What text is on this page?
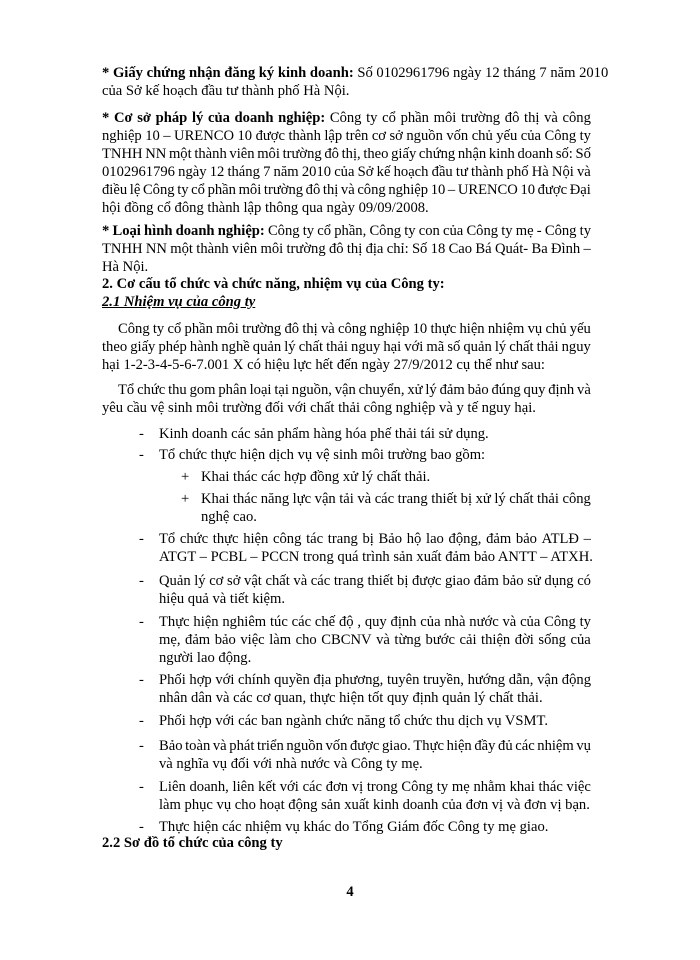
* Giấy chứng nhận đăng ký kinh doanh: Số 0102961796 ngày 12 tháng 7 năm 2010
của Sở kế hoạch đầu tư thành phố Hà Nội.
* Cơ sở pháp lý của doanh nghiệp: Công ty cổ phần môi trường đô thị và công
nghiệp 10 – URENCO 10 được thành lập trên cơ sở nguồn vốn chủ yếu của Công ty
TNHH NN một thành viên môi trường đô thị, theo giấy chứng nhận kinh doanh số: Số
0102961796 ngày 12 tháng 7 năm 2010 của Sở kế hoạch đầu tư thành phố Hà Nội và
điều lệ Công ty cổ phần môi trường đô thị và công nghiệp 10 – URENCO 10 được Đại
hội đồng cổ đông thành lập thông qua ngày 09/09/2008.
* Loại hình doanh nghiệp: Công ty cổ phần, Công ty con của Công ty mẹ - Công ty
TNHH NN một thành viên môi trường đô thị địa chỉ: Số 18 Cao Bá Quát- Ba Đình –
Hà Nội.
2. Cơ cấu tổ chức và chức năng, nhiệm vụ của Công ty:
2.1 Nhiệm vụ của công ty
Công ty cổ phần môi trường đô thị và công nghiệp 10 thực hiện nhiệm vụ chủ yếu
theo giấy phép hành nghề quản lý chất thải nguy hại với mã số quản lý chất thải nguy
hại 1-2-3-4-5-6-7.001 X có hiệu lực hết đến ngày 27/9/2012 cụ thể như sau:
Tổ chức thu gom phân loại tại nguồn, vận chuyển, xử lý đảm bảo đúng quy định và
yêu cầu vệ sinh môi trường đối với chất thải công nghiệp và y tế nguy hại.
- Kinh doanh các sản phẩm hàng hóa phế thải tái sử dụng.
- Tổ chức thực hiện dịch vụ vệ sinh môi trường bao gồm:
+ Khai thác các hợp đồng xử lý chất thải.
+ Khai thác năng lực vận tải và các trang thiết bị xử lý chất thải công
nghệ cao.
- Tổ chức thực hiện công tác trang bị Bảo hộ lao động, đảm bảo ATLĐ –
ATGT – PCBL – PCCN trong quá trình sản xuất đảm bảo ANTT – ATXH.
- Quản lý cơ sở vật chất và các trang thiết bị được giao đảm bảo sử dụng có
hiệu quả và tiết kiệm.
- Thực hiện nghiêm túc các chế độ , quy định của nhà nước và của Công ty
mẹ, đảm bảo việc làm cho CBCNV và từng bước cải thiện đời sống của
người lao động.
- Phối hợp với chính quyền địa phương, tuyên truyền, hướng dẫn, vận động
nhân dân và các cơ quan, thực hiện tốt quy định quản lý chất thải.
- Phối hợp với các ban ngành chức năng tổ chức thu dịch vụ VSMT.
- Bảo toàn và phát triển nguồn vốn được giao. Thực hiện đầy đủ các nhiệm vụ
và nghĩa vụ đối với nhà nước và Công ty mẹ.
- Liên doanh, liên kết với các đơn vị trong Công ty mẹ nhằm khai thác việc
làm phục vụ cho hoạt động sản xuất kinh doanh của đơn vị và đơn vị bạn.
- Thực hiện các nhiệm vụ khác do Tổng Giám đốc Công ty mẹ giao.
2.2 Sơ đồ tổ chức của công ty
4
